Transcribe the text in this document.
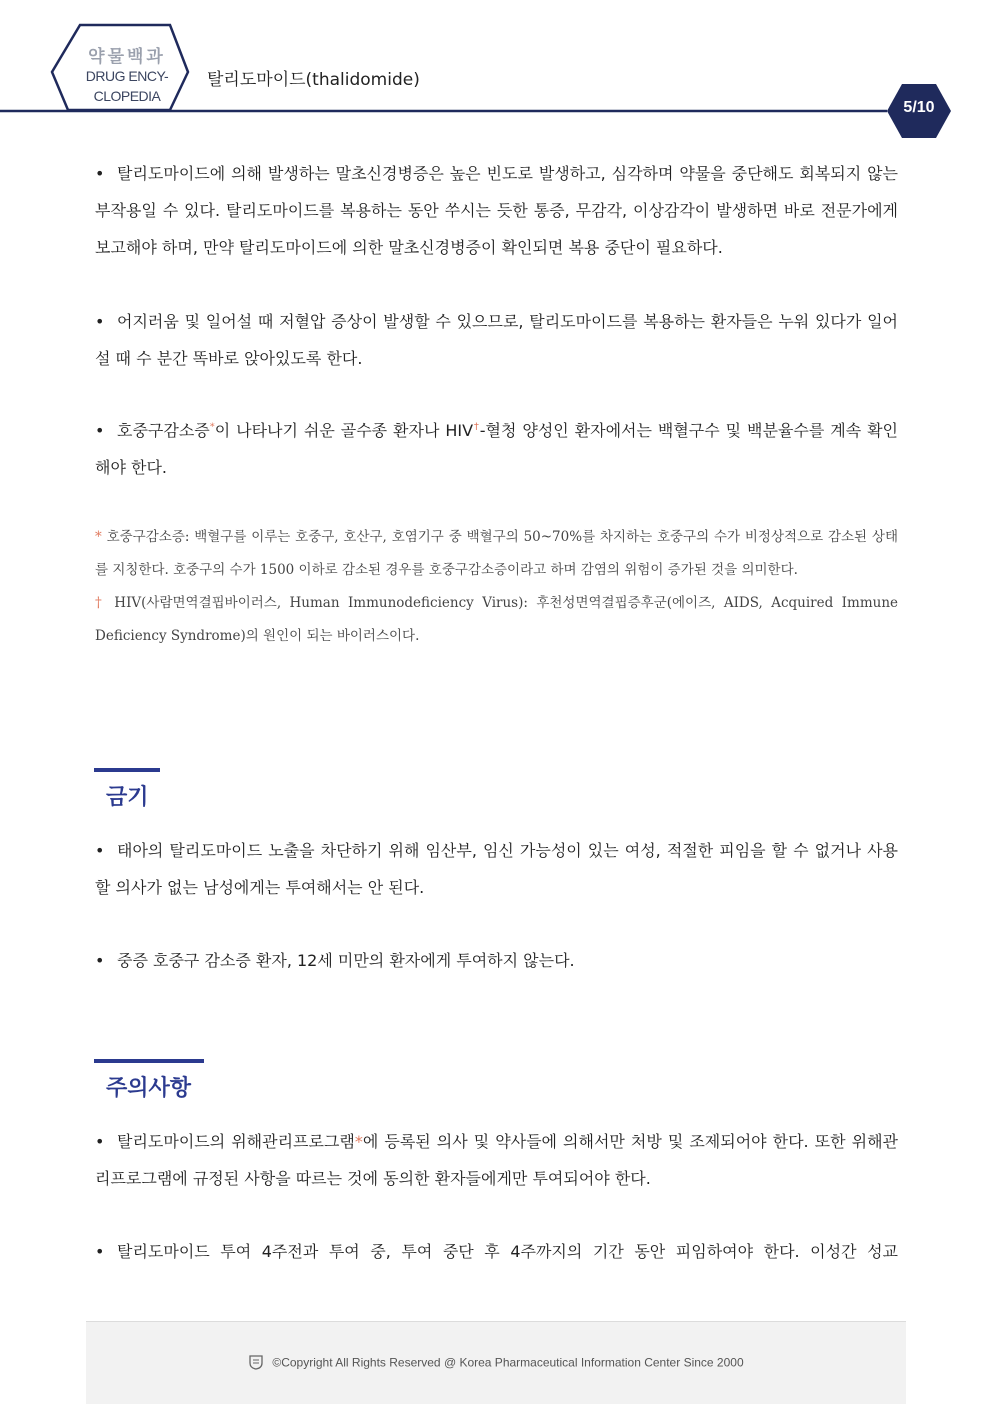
약물백과
DRUG ENCY-
CLOPEDIA
탈리도마이드(thalidomide)
5/10
• 탈리도마이드에 의해 발생하는 말초신경병증은 높은 빈도로 발생하고, 심각하며 약물을 중단해도 회복되지 않는 부작용일 수 있다. 탈리도마이드를 복용하는 동안 쑤시는 듯한 통증, 무감각, 이상감각이 발생하면 바로 전문가에게 보고해야 하며, 만약 탈리도마이드에 의한 말초신경병증이 확인되면 복용 중단이 필요하다.
• 어지러움 및 일어설 때 저혈압 증상이 발생할 수 있으므로, 탈리도마이드를 복용하는 환자들은 누워 있다가 일어설 때 수 분간 똑바로 앉아있도록 한다.
• 호중구감소증*이 나타나기 쉬운 골수종 환자나 HIV†-혈청 양성인 환자에서는 백혈구수 및 백분율수를 계속 확인해야 한다.
* 호중구감소증: 백혈구를 이루는 호중구, 호산구, 호염기구 중 백혈구의 50~70%를 차지하는 호중구의 수가 비정상적으로 감소된 상태를 지칭한다. 호중구의 수가 1500 이하로 감소된 경우를 호중구감소증이라고 하며 감염의 위험이 증가된 것을 의미한다.
† HIV(사람면역결핍바이러스, Human Immunodeficiency Virus): 후천성면역결핍증후군(에이즈, AIDS, Acquired Immune Deficiency Syndrome)의 원인이 되는 바이러스이다.
금기
• 태아의 탈리도마이드 노출을 차단하기 위해 임산부, 임신 가능성이 있는 여성, 적절한 피임을 할 수 없거나 사용할 의사가 없는 남성에게는 투여해서는 안 된다.
• 중증 호중구 감소증 환자, 12세 미만의 환자에게 투여하지 않는다.
주의사항
• 탈리도마이드의 위해관리프로그램*에 등록된 의사 및 약사들에 의해서만 처방 및 조제되어야 한다. 또한 위해관리프로그램에 규정된 사항을 따르는 것에 동의한 환자들에게만 투여되어야 한다.
• 탈리도마이드 투여 4주전과 투여 중, 투여 중단 후 4주까지의 기간 동안 피임하여야 한다. 이성간 성교
©Copyright All Rights Reserved @ Korea Pharmaceutical Information Center Since 2000
